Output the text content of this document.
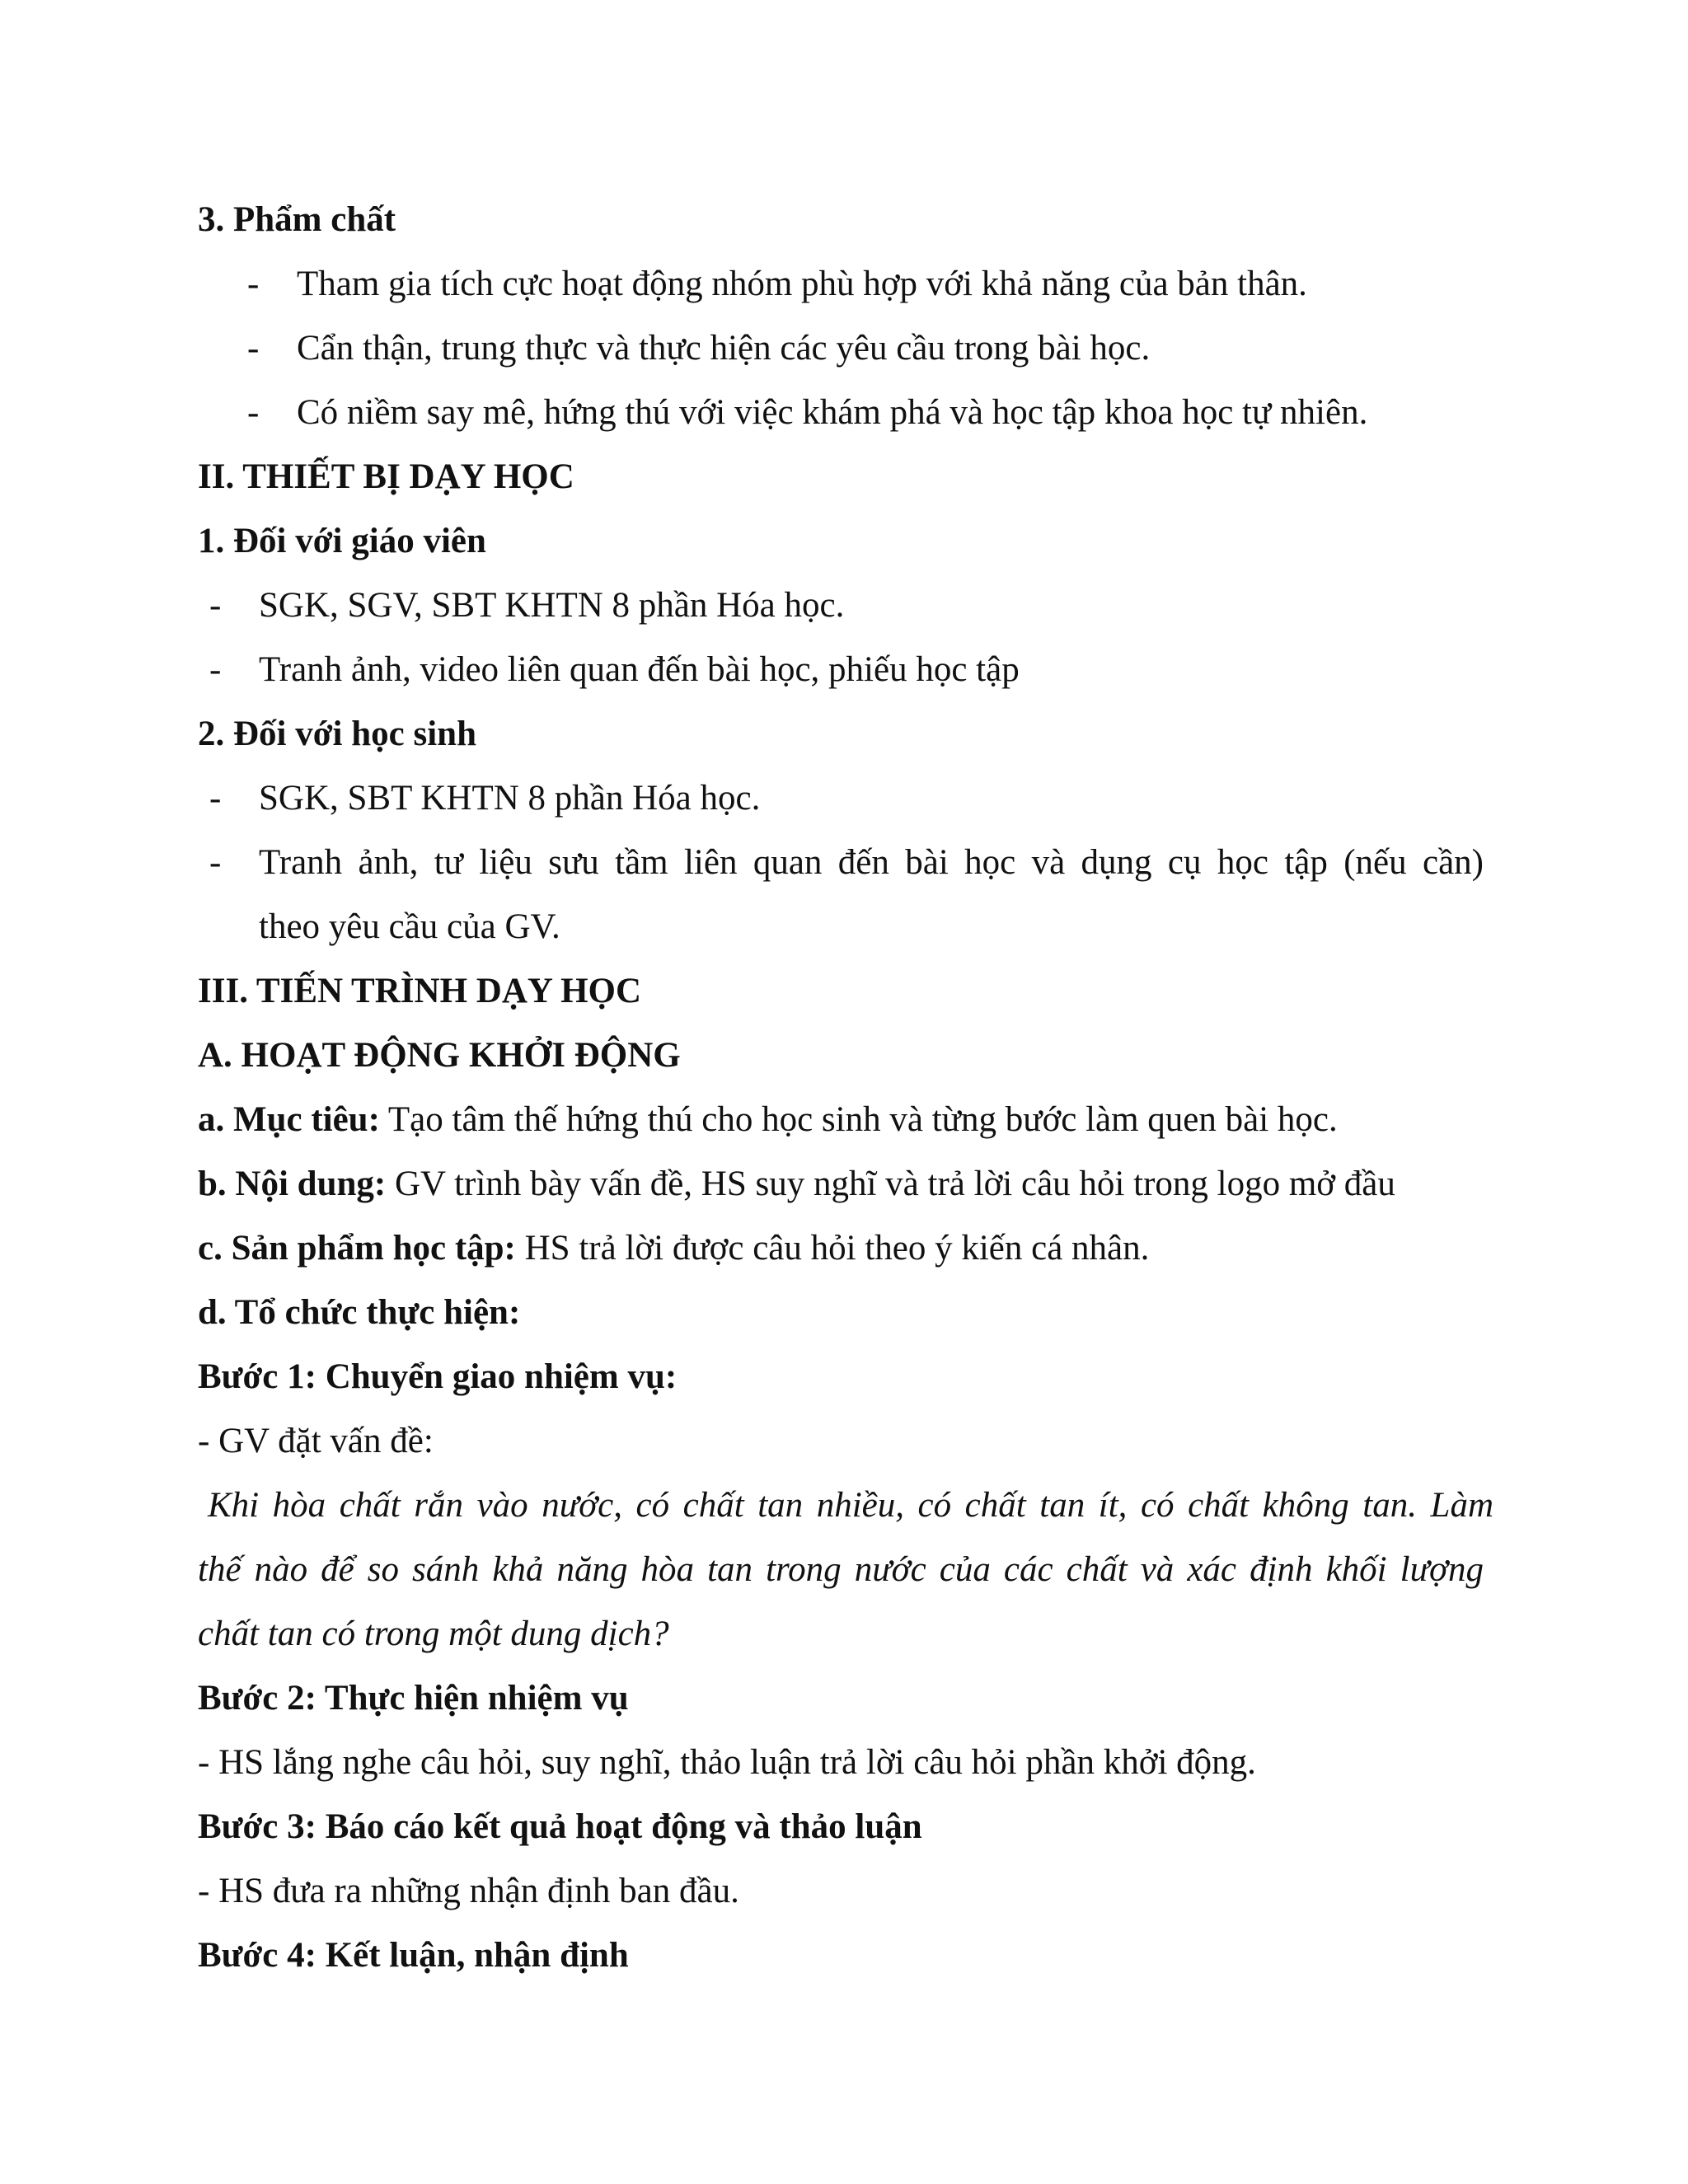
3. Phẩm chất
-	Tham gia tích cực hoạt động nhóm phù hợp với khả năng của bản thân.
-	Cẩn thận, trung thực và thực hiện các yêu cầu trong bài học.
-	Có niềm say mê, hứng thú với việc khám phá và học tập khoa học tự nhiên.
II. THIẾT BỊ DẠY HỌC
1. Đối với giáo viên
-	SGK, SGV, SBT KHTN 8 phần Hóa học.
-	Tranh ảnh, video liên quan đến bài học, phiếu học tập
2. Đối với học sinh
-	SGK, SBT KHTN 8 phần Hóa học.
-	Tranh ảnh, tư liệu sưu tầm liên quan đến bài học và dụng cụ học tập (nếu cần)
theo yêu cầu của GV.
III. TIẾN TRÌNH DẠY HỌC
A. HOẠT ĐỘNG KHỞI ĐỘNG
a. Mục tiêu: Tạo tâm thế hứng thú cho học sinh và từng bước làm quen bài học.
b. Nội dung: GV trình bày vấn đề, HS suy nghĩ và trả lời câu hỏi trong logo mở đầu
c. Sản phẩm học tập: HS trả lời được câu hỏi theo ý kiến cá nhân.
d. Tổ chức thực hiện:
Bước 1: Chuyển giao nhiệm vụ:
- GV đặt vấn đề:
Khi hòa chất rắn vào nước, có chất tan nhiều, có chất tan ít, có chất không tan. Làm
thế nào để so sánh khả năng hòa tan trong nước của các chất và xác định khối lượng
chất tan có trong một dung dịch?
Bước 2: Thực hiện nhiệm vụ
- HS lắng nghe câu hỏi, suy nghĩ, thảo luận trả lời câu hỏi phần khởi động.
Bước 3: Báo cáo kết quả hoạt động và thảo luận
- HS đưa ra những nhận định ban đầu.
Bước 4: Kết luận, nhận định
